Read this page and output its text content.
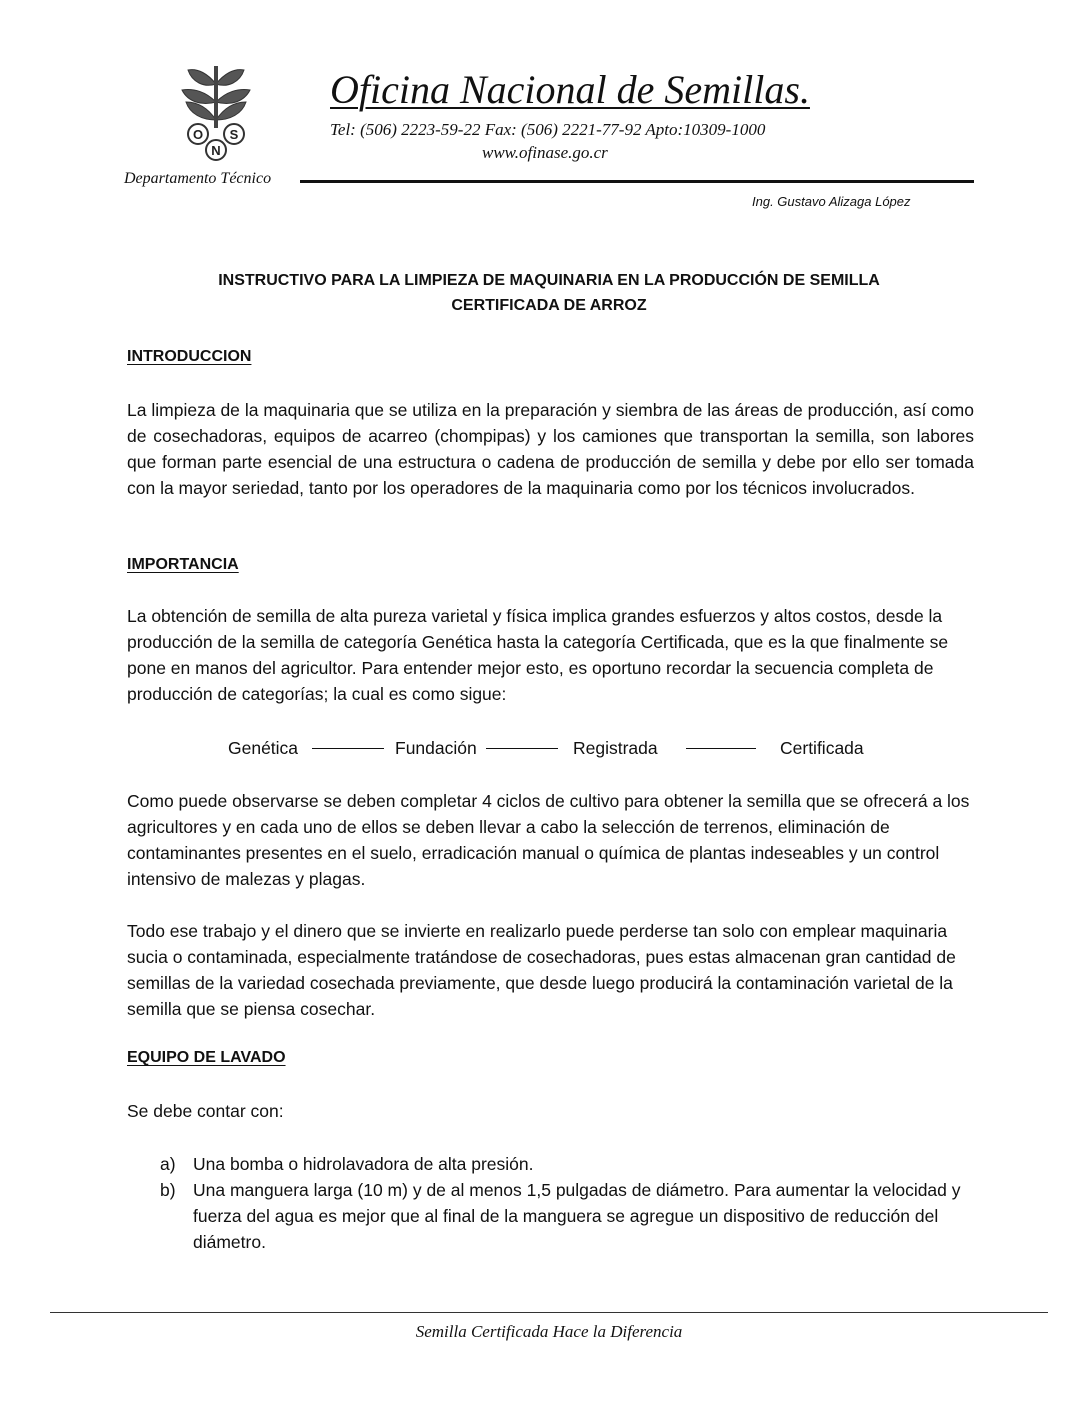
O S
N
Oficina Nacional de Semillas.
Tel: (506) 2223-59-22 Fax: (506) 2221-77-92 Apto:10309-1000
www.ofinase.go.cr
Departamento Técnico
Ing. Gustavo Alizaga López
INSTRUCTIVO PARA LA LIMPIEZA DE MAQUINARIA EN LA PRODUCCIÓN DE SEMILLA
CERTIFICADA DE ARROZ
INTRODUCCION

La limpieza de la maquinaria que se utiliza en la preparación y siembra de las áreas de producción, así como de cosechadoras, equipos de acarreo (chompipas) y los camiones que transportan la semilla, son labores que forman parte esencial de una estructura o cadena de producción de semilla y debe por ello ser tomada con la mayor seriedad, tanto por los operadores de la maquinaria como por los técnicos involucrados.

IMPORTANCIA

La obtención de semilla de alta pureza varietal y física implica grandes esfuerzos y altos costos, desde la producción de la semilla de categoría Genética hasta la categoría Certificada, que es la que finalmente se pone en manos del agricultor. Para entender mejor esto, es oportuno recordar la secuencia completa de producción de categorías; la cual es como sigue:

Genética	Fundación	Registrada	Certificada

Como puede observarse se deben completar 4 ciclos de cultivo para obtener la semilla que se ofrecerá a los agricultores y en cada uno de ellos se deben llevar a cabo la selección de terrenos, eliminación de contaminantes presentes en el suelo, erradicación manual o química de plantas indeseables y un control intensivo de malezas y plagas.

Todo ese trabajo y el dinero que se invierte en realizarlo puede perderse tan solo con emplear maquinaria sucia o contaminada, especialmente tratándose de cosechadoras, pues estas almacenan gran cantidad de semillas de la variedad cosechada previamente, que desde luego producirá la contaminación varietal de la semilla que se piensa cosechar.

EQUIPO DE LAVADO

Se debe contar con:

a) Una bomba o hidrolavadora de alta presión.
b) Una manguera larga (10 m) y de al menos 1,5 pulgadas de diámetro. Para aumentar la velocidad y fuerza del agua es mejor que al final de la manguera se agregue un dispositivo de reducción del diámetro.
Semilla Certificada Hace la Diferencia
